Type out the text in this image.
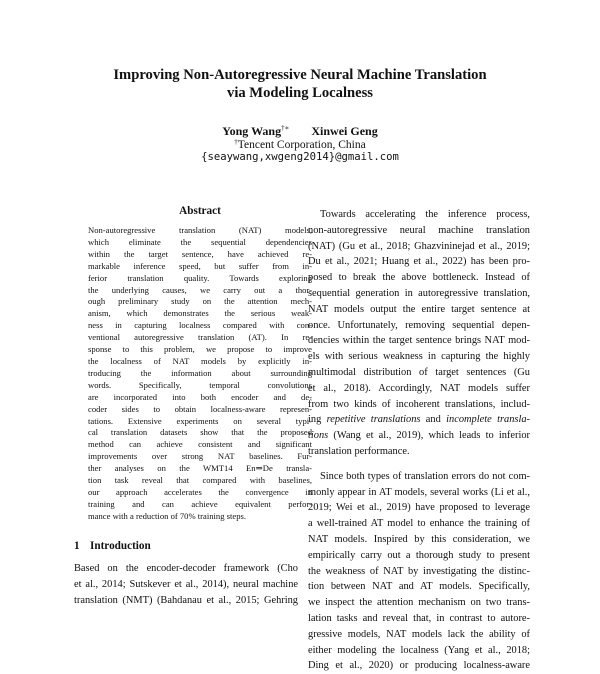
Improving Non-Autoregressive Neural Machine Translation
via Modeling Localness
Yong Wang†∗ Xinwei Geng
†Tencent Corporation, China
{seaywang,xwgeng2014}@gmail.com
Abstract
Non-autoregressive translation (NAT) models,
which eliminate the sequential dependencies
within the target sentence, have achieved re-
markable inference speed, but suffer from in-
ferior translation quality. Towards exploring
the underlying causes, we carry out a thor-
ough preliminary study on the attention mech-
anism, which demonstrates the serious weak-
ness in capturing localness compared with con-
ventional autoregressive translation (AT). In re-
sponse to this problem, we propose to improve
the localness of NAT models by explicitly in-
troducing the information about surrounding
words. Specifically, temporal convolutions
are incorporated into both encoder and de-
coder sides to obtain localness-aware represen-
tations. Extensive experiments on several typi-
cal translation datasets show that the proposed
method can achieve consistent and significant
improvements over strong NAT baselines. Fur-
ther analyses on the WMT14 En⇒De transla-
tion task reveal that compared with baselines,
our approach accelerates the convergence in
training and can achieve equivalent perfor-
mance with a reduction of 70% training steps.
1 Introduction
Based on the encoder-decoder framework (Cho
et al., 2014; Sutskever et al., 2014), neural machine
translation (NMT) (Bahdanau et al., 2015; Gehring
Towards accelerating the inference process,
non-autoregressive neural machine translation
(NAT) (Gu et al., 2018; Ghazvininejad et al., 2019;
Du et al., 2021; Huang et al., 2022) has been pro-
posed to break the above bottleneck. Instead of
sequential generation in autoregressive translation,
NAT models output the entire target sentence at
once. Unfortunately, removing sequential depen-
dencies within the target sentence brings NAT mod-
els with serious weakness in capturing the highly
multimodal distribution of target sentences (Gu
et al., 2018). Accordingly, NAT models suffer
from two kinds of incoherent translations, includ-
ing repetitive translations and incomplete transla-
tions (Wang et al., 2019), which leads to inferior
translation performance.
Since both types of translation errors do not com-
monly appear in AT models, several works (Li et al.,
2019; Wei et al., 2019) have proposed to leverage
a well-trained AT model to enhance the training of
NAT models. Inspired by this consideration, we
empirically carry out a thorough study to present
the weakness of NAT by investigating the distinc-
tion between NAT and AT models. Specifically,
we inspect the attention mechanism on two trans-
lation tasks and reveal that, in contrast to autore-
gressive models, NAT models lack the ability of
either modeling the localness (Yang et al., 2018;
Ding et al., 2020) or producing localness-aware
